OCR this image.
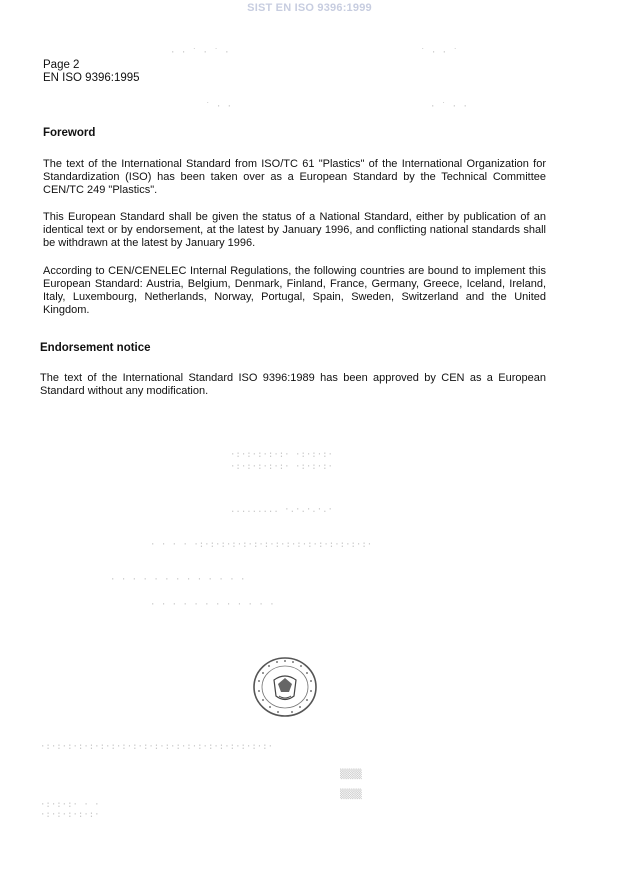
SIST EN ISO 9396:1999
Page 2
EN ISO 9396:1995
Foreword
The text of the International Standard from ISO/TC 61 "Plastics" of the International Organization for Standardization (ISO) has been taken over as a European Standard by the Technical Committee CEN/TC 249 "Plastics".
This European Standard shall be given the status of a National Standard, either by publication of an identical text or by endorsement, at the latest by January 1996, and conflicting national standards shall be withdrawn at the latest by January 1996.
According to CEN/CENELEC Internal Regulations, the following countries are bound to implement this European Standard: Austria, Belgium, Denmark, Finland, France, Germany, Greece, Iceland, Ireland, Italy, Luxembourg, Netherlands, Norway, Portugal, Spain, Sweden, Switzerland and the United Kingdom.
Endorsement notice
The text of the International Standard ISO 9396:1989 has been approved by CEN as a European Standard without any modification.
· · ˙ · ˙ ·	˙ · · ˙
˙ · ·	· ˙ · ·
·:·:·:·:·:· ·:·:·:·
·:·:·:·:·:· ·:·:·:·
......... ·.·.·.·.·
· · · · ·:·:·:·:·:·:·:·:·:·:·:·:·:·:·:·:·
· · · · · · · · · · · · ·
· · · · · · · · · · · ·
·:·:·:·:·:·:·:·:·:·:·:·:·:·:·:·:·:·:·:·:·:·
·:·:·:· · ·
·:·:·:·:·:·
▒▒▒▒
▒▒▒▒
